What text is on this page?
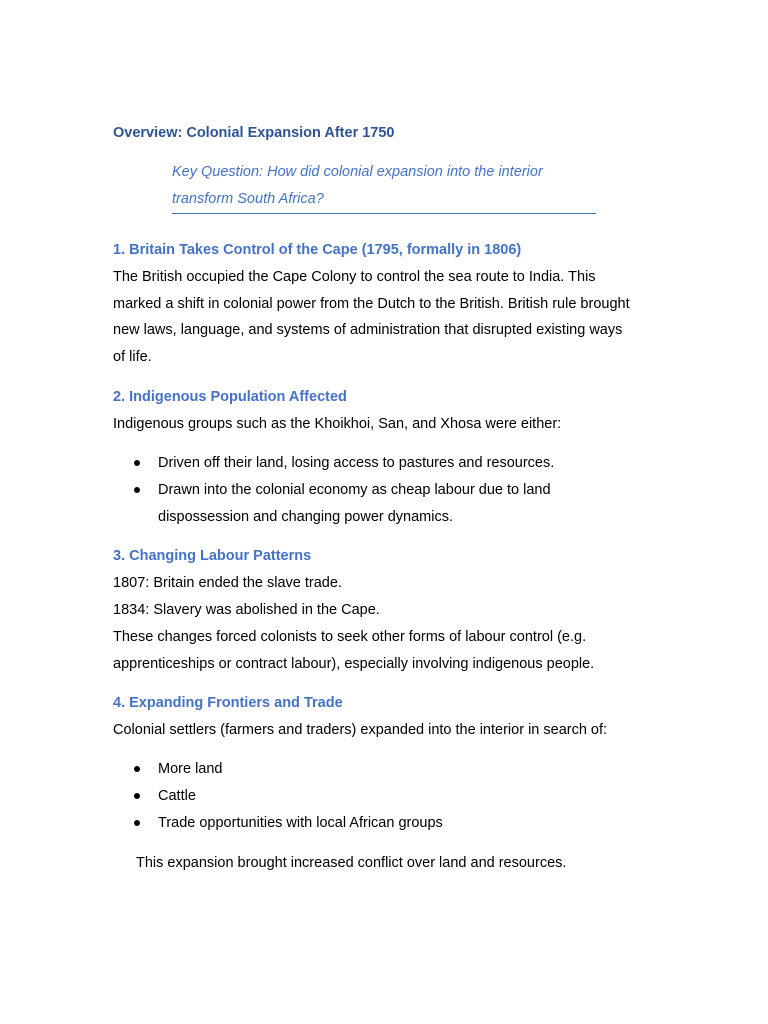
Overview: Colonial Expansion After 1750
Key Question: How did colonial expansion into the interior
transform South Africa?
1. Britain Takes Control of the Cape (1795, formally in 1806)
The British occupied the Cape Colony to control the sea route to India. This
marked a shift in colonial power from the Dutch to the British. British rule brought
new laws, language, and systems of administration that disrupted existing ways
of life.
2. Indigenous Population Affected
Indigenous groups such as the Khoikhoi, San, and Xhosa were either:
Driven off their land, losing access to pastures and resources.
Drawn into the colonial economy as cheap labour due to land
dispossession and changing power dynamics.
3. Changing Labour Patterns
1807: Britain ended the slave trade.
1834: Slavery was abolished in the Cape.
These changes forced colonists to seek other forms of labour control (e.g.
apprenticeships or contract labour), especially involving indigenous people.
4. Expanding Frontiers and Trade
Colonial settlers (farmers and traders) expanded into the interior in search of:
More land
Cattle
Trade opportunities with local African groups
This expansion brought increased conflict over land and resources.
